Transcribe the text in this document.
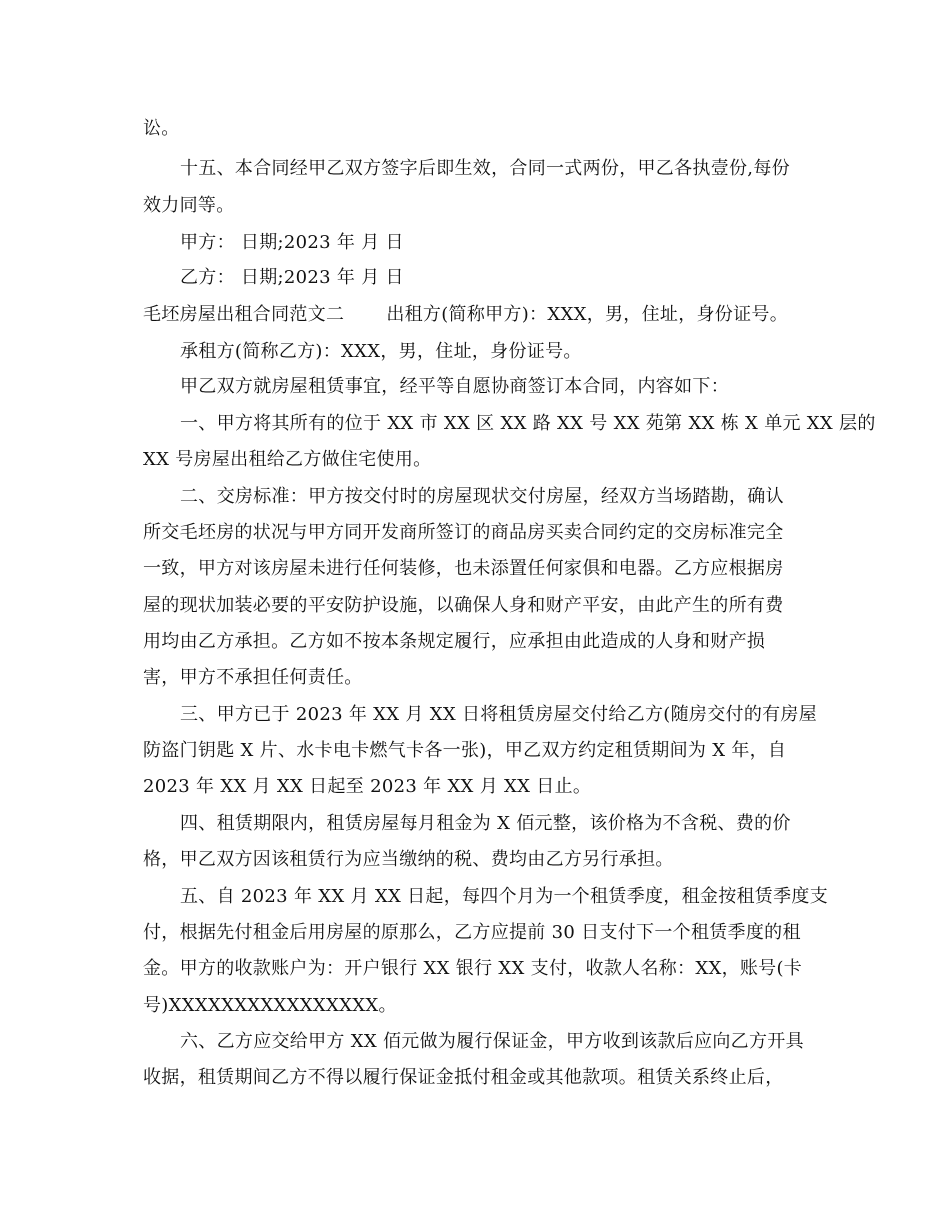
讼。
十五、本合同经甲乙双方签字后即生效，合同一式两份，甲乙各执壹份,每份
效力同等。
甲方： 日期;2023 年 月 日
乙方： 日期;2023 年 月 日
毛坯房屋出租合同范文二 出租方(简称甲方)：XXX，男，住址，身份证号。
承租方(简称乙方)：XXX，男，住址，身份证号。
甲乙双方就房屋租赁事宜，经平等自愿协商签订本合同，内容如下：
一、甲方将其所有的位于 XX 市 XX 区 XX 路 XX 号 XX 苑第 XX 栋 X 单元 XX 层的
XX 号房屋出租给乙方做住宅使用。
二、交房标准：甲方按交付时的房屋现状交付房屋，经双方当场踏勘，确认
所交毛坯房的状况与甲方同开发商所签订的商品房买卖合同约定的交房标准完全
一致，甲方对该房屋未进行任何装修，也未添置任何家俱和电器。乙方应根据房
屋的现状加装必要的平安防护设施，以确保人身和财产平安，由此产生的所有费
用均由乙方承担。乙方如不按本条规定履行，应承担由此造成的人身和财产损
害，甲方不承担任何责任。
三、甲方已于 2023 年 XX 月 XX 日将租赁房屋交付给乙方(随房交付的有房屋
防盗门钥匙 X 片、水卡电卡燃气卡各一张)，甲乙双方约定租赁期间为 X 年，自
2023 年 XX 月 XX 日起至 2023 年 XX 月 XX 日止。
四、租赁期限内，租赁房屋每月租金为 X 佰元整，该价格为不含税、费的价
格，甲乙双方因该租赁行为应当缴纳的税、费均由乙方另行承担。
五、自 2023 年 XX 月 XX 日起，每四个月为一个租赁季度，租金按租赁季度支
付，根据先付租金后用房屋的原那么，乙方应提前 30 日支付下一个租赁季度的租
金。甲方的收款账户为：开户银行 XX 银行 XX 支付，收款人名称：XX，账号(卡
号)XXXXXXXXXXXXXXXX。
六、乙方应交给甲方 XX 佰元做为履行保证金，甲方收到该款后应向乙方开具
收据，租赁期间乙方不得以履行保证金抵付租金或其他款项。租赁关系终止后，
